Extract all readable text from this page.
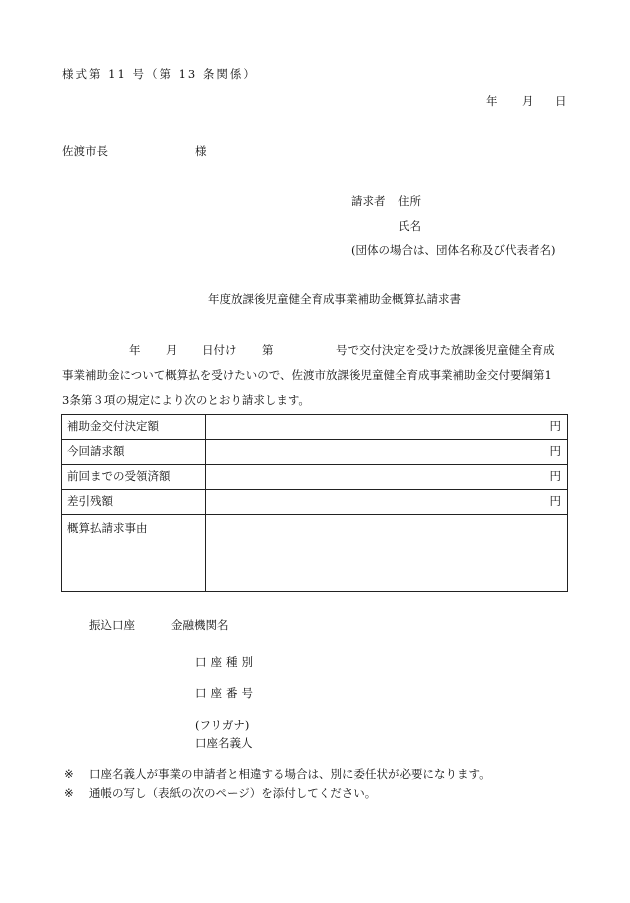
様式第 11 号（第 13 条関係）
年 月 日
佐渡市長	様
請求者 住所
氏名
(団体の場合は、団体名称及び代表者名)
年度放課後児童健全育成事業補助金概算払請求書
年 月 日付け 第	号で交付決定を受けた放課後児童健全育成
事業補助金について概算払を受けたいので、佐渡市放課後児童健全育成事業補助金交付要綱第1
3条第３項の規定により次のとおり請求します。
補助金交付決定額	円
今回請求額	円
前回までの受領済額	円
差引残額	円
概算払請求事由	
振込口座	金融機関名
口座種別
口座番号
(フリガナ)
口座名義人
※ 口座名義人が事業の申請者と相違する場合は、別に委任状が必要になります。
※ 通帳の写し（表紙の次のページ）を添付してください。
